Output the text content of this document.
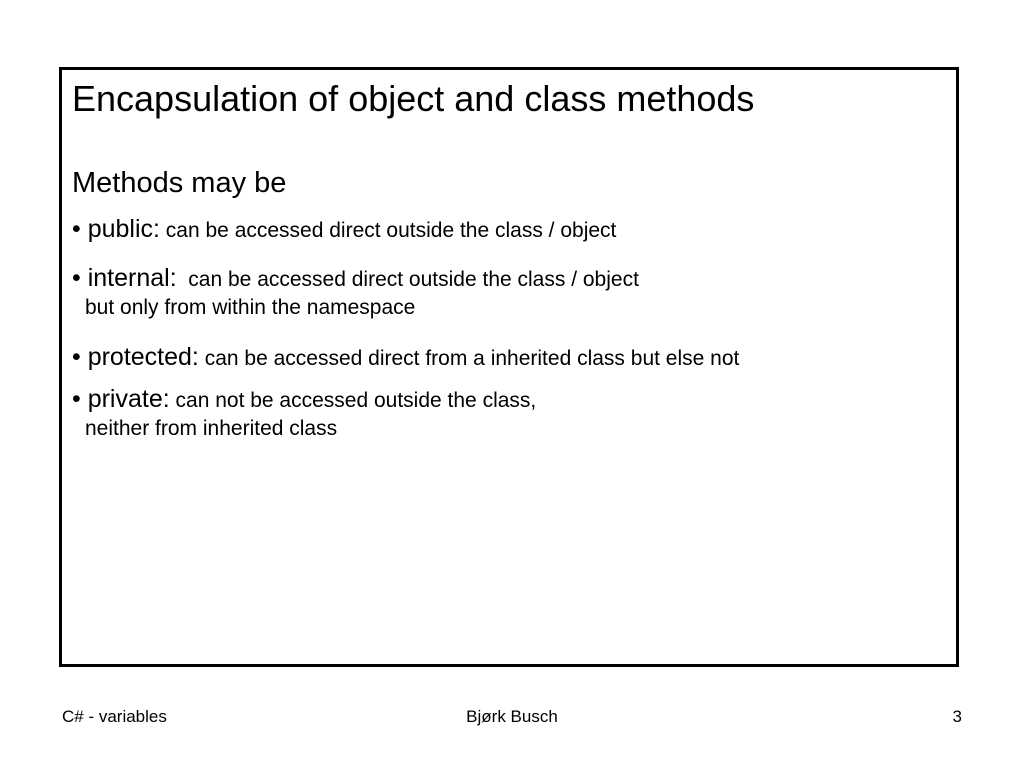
Encapsulation of object and class methods
Methods may be
• public: can be accessed direct outside the class / object
• internal:  can be accessed direct outside the class / object
but only from within the namespace
• protected: can be accessed direct from a inherited class but else not
• private: can not be accessed outside the class,
neither from inherited class
C# - variables	Bjørk Busch	3
